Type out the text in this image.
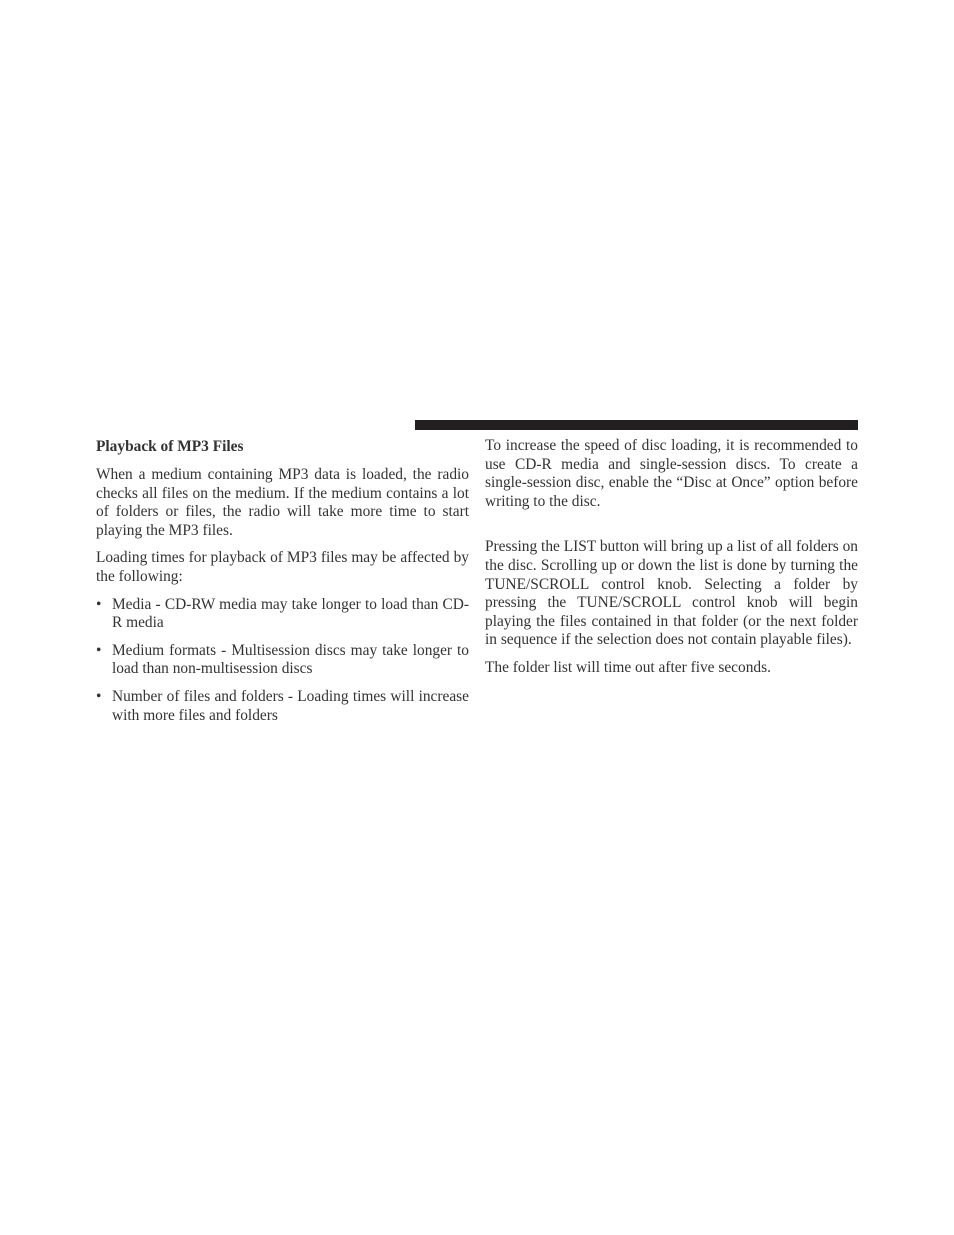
Playback of MP3 Files

When a medium containing MP3 data is loaded, the radio checks all files on the medium. If the medium contains a lot of folders or files, the radio will take more time to start playing the MP3 files.

Loading times for playback of MP3 files may be affected by the following:

• Media - CD-RW media may take longer to load than CD-R media
• Medium formats - Multisession discs may take longer to load than non-multisession discs
• Number of files and folders - Loading times will increase with more files and folders

To increase the speed of disc loading, it is recommended to use CD-R media and single-session discs. To create a single-session disc, enable the “Disc at Once” option before writing to the disc.

Pressing the LIST button will bring up a list of all folders on the disc. Scrolling up or down the list is done by turning the TUNE/SCROLL control knob. Selecting a folder by pressing the TUNE/SCROLL control knob will begin playing the files contained in that folder (or the next folder in sequence if the selection does not contain playable files).

The folder list will time out after five seconds.
